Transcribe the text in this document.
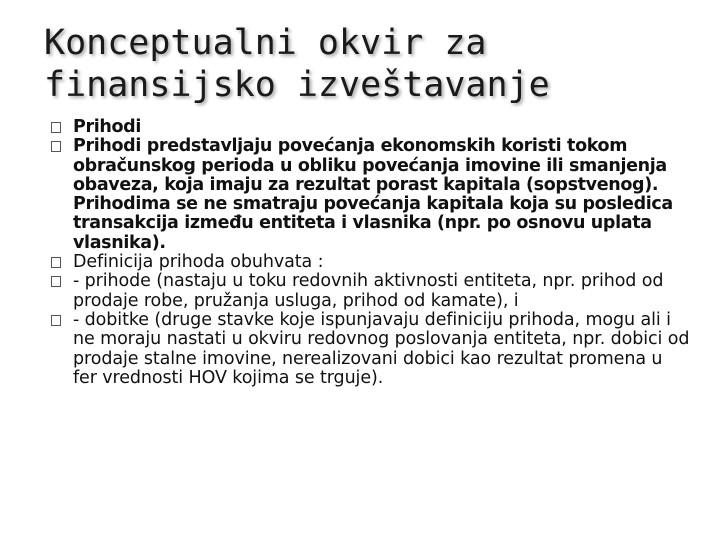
Konceptualni okvir za finansijsko izveštavanje
Prihodi
Prihodi predstavljaju povećanja ekonomskih koristi tokom obračunskog perioda u obliku povećanja imovine ili smanjenja obaveza, koja imaju za rezultat porast kapitala (sopstvenog). Prihodima se ne smatraju povećanja kapitala koja su posledica transakcija između entiteta i vlasnika (npr. po osnovu uplata vlasnika).
Definicija prihoda obuhvata :
- prihode (nastaju u toku redovnih aktivnosti entiteta, npr. prihod od prodaje robe, pružanja usluga, prihod od kamate), i
- dobitke (druge stavke koje ispunjavaju definiciju prihoda, mogu ali i ne moraju nastati u okviru redovnog poslovanja entiteta, npr. dobici od prodaje stalne imovine, nerealizovani dobici kao rezultat promena u fer vrednosti HOV kojima se trguje).
